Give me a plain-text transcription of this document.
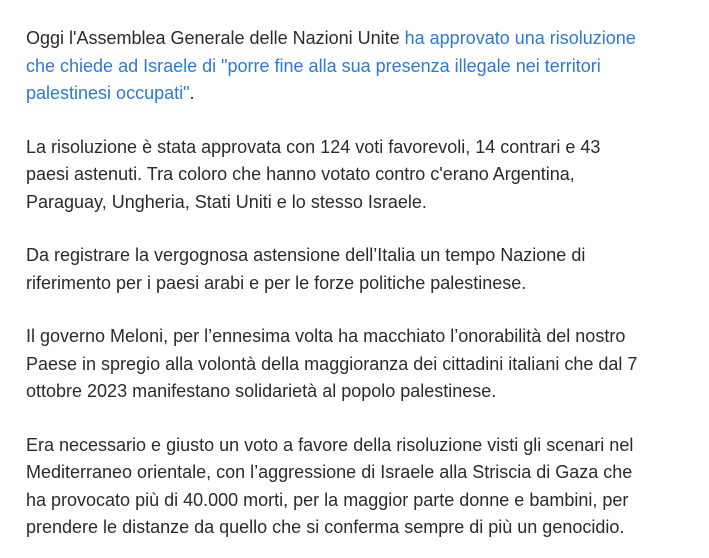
Oggi l'Assemblea Generale delle Nazioni Unite ha approvato una risoluzione
che chiede ad Israele di "porre fine alla sua presenza illegale nei territori
palestinesi occupati".

La risoluzione è stata approvata con 124 voti favorevoli, 14 contrari e 43
paesi astenuti. Tra coloro che hanno votato contro c'erano Argentina,
Paraguay, Ungheria, Stati Uniti e lo stesso Israele.

Da registrare la vergognosa astensione dell’Italia un tempo Nazione di
riferimento per i paesi arabi e per le forze politiche palestinese.

Il governo Meloni, per l’ennesima volta ha macchiato l’onorabilità del nostro
Paese in spregio alla volontà della maggioranza dei cittadini italiani che dal 7
ottobre 2023 manifestano solidarietà al popolo palestinese.

Era necessario e giusto un voto a favore della risoluzione visti gli scenari nel
Mediterraneo orientale, con l’aggressione di Israele alla Striscia di Gaza che
ha provocato più di 40.000 morti, per la maggior parte donne e bambini, per
prendere le distanze da quello che si conferma sempre di più un genocidio.
